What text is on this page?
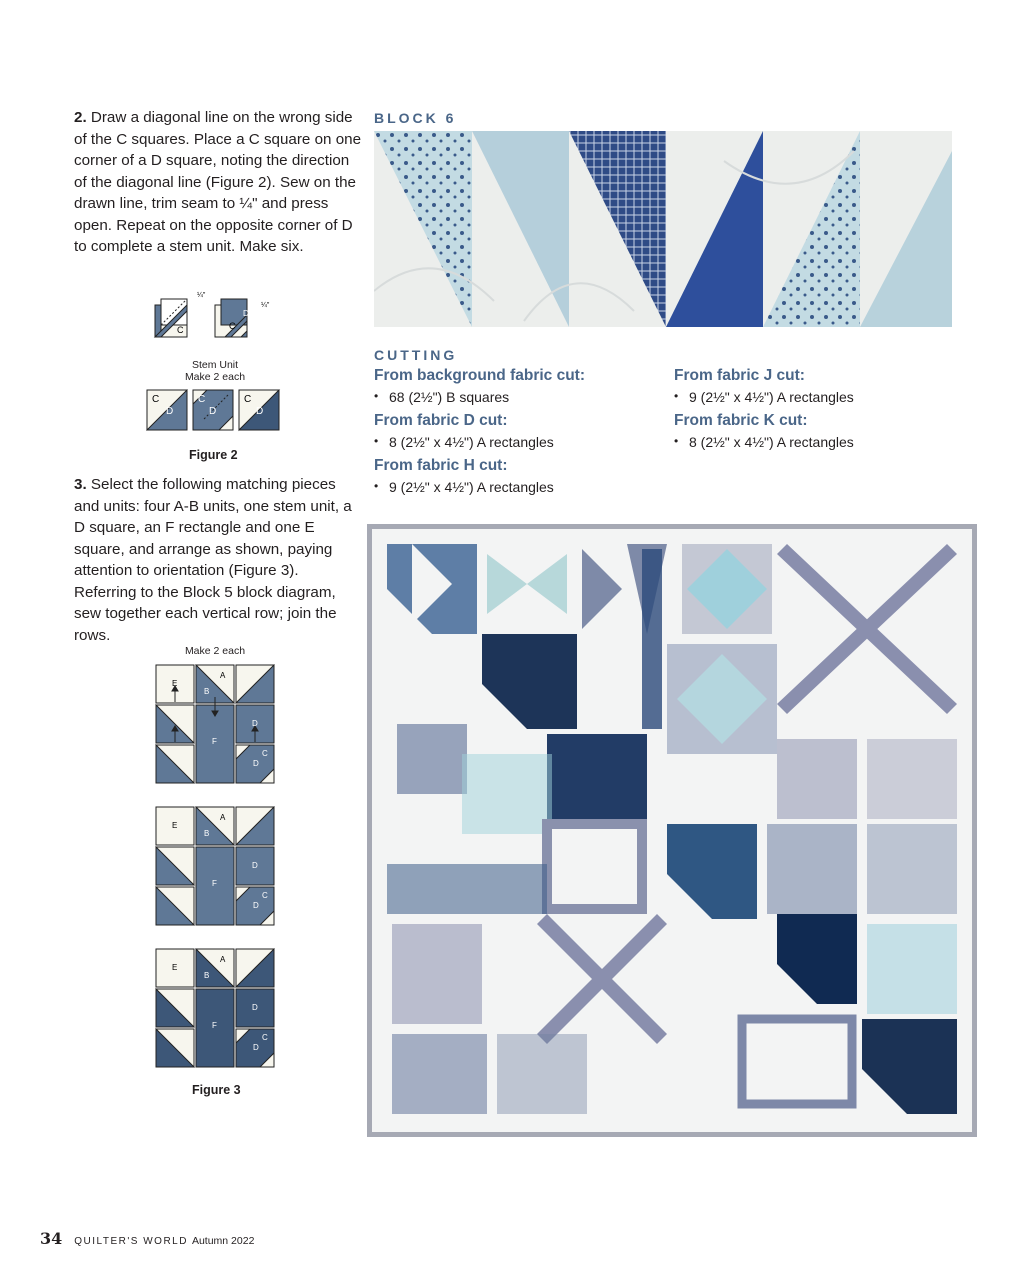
2. Draw a diagonal line on the wrong side of the C squares. Place a C square on one corner of a D square, noting the direction of the diagonal line (Figure 2). Sew on the drawn line, trim seam to ¼" and press open. Repeat on the opposite corner of D to complete a stem unit. Make six.
¼"
¼"
C	C
D
Stem Unit
Make 2 each
C
D
C
D
C
D
Figure 2
3. Select the following matching pieces and units: four A-B units, one stem unit, a D square, an F rectangle and one E square, and arrange as shown, paying attention to orientation (Figure 3). Referring to the Block 5 block diagram, sew together each vertical row; join the rows.
Make 2 each
E
A
B
F
D
C
D
E
A
B
F
D
C
D
E
A
B
F
D
C
D
Figure 3
BLOCK 6
CUTTING
From background fabric cut:
• 68 (2½") B squares
From fabric D cut:
• 8 (2½" x 4½") A rectangles
From fabric H cut:
• 9 (2½" x 4½") A rectangles
From fabric J cut:
• 9 (2½" x 4½") A rectangles
From fabric K cut:
• 8 (2½" x 4½") A rectangles
34 QUILTER'S WORLD Autumn 2022
